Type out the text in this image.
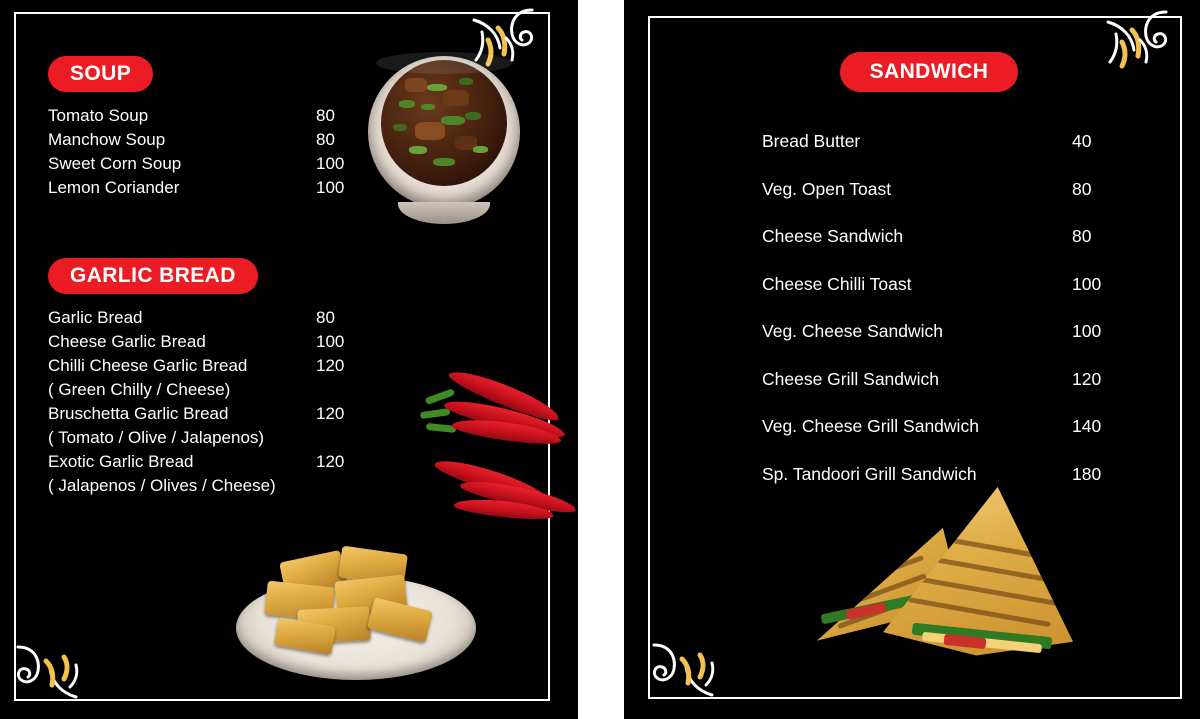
SOUP
Tomato Soup	80
Manchow Soup	80
Sweet Corn Soup	100
Lemon Coriander	100
GARLIC BREAD
Garlic Bread	80
Cheese Garlic Bread	100
Chilli Cheese Garlic Bread	120
( Green Chilly / Cheese)
Bruschetta Garlic Bread	120
( Tomato / Olive / Jalapenos)
Exotic Garlic Bread	120
( Jalapenos / Olives / Cheese)
SANDWICH
Bread Butter	40
Veg. Open Toast	80
Cheese Sandwich	80
Cheese Chilli Toast	100
Veg. Cheese Sandwich	100
Cheese Grill Sandwich	120
Veg. Cheese Grill Sandwich	140
Sp. Tandoori Grill Sandwich	180
